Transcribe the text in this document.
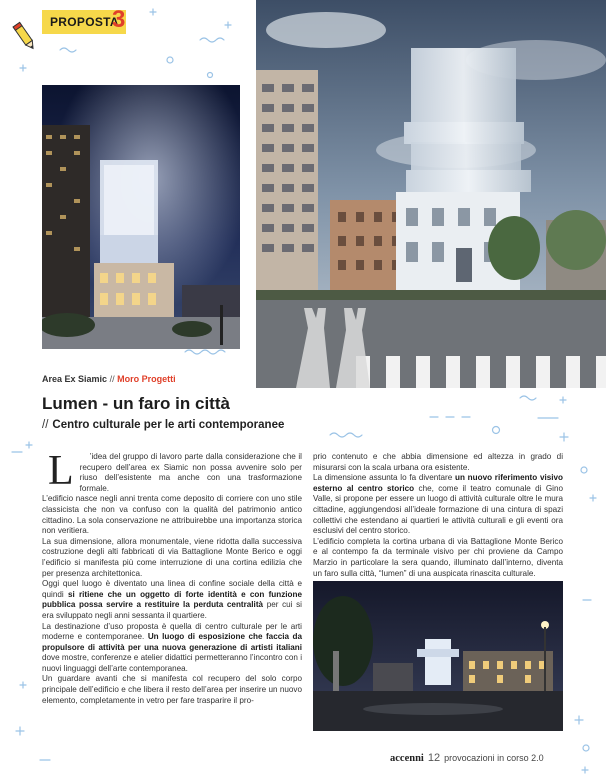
PROPOSTA
3
Area Ex Siamic // Moro Progetti
Lumen - un faro in città
// Centro culturale per le arti contemporanee

L ’idea del gruppo di lavoro parte dalla considerazione che il recupero dell’area ex Siamic non possa avvenire solo per riuso dell’esistente ma anche con una trasformazione formale.

L’edificio nasce negli anni trenta come deposito di corriere con uno stile classicista che non va confuso con la qualità del patrimonio antico cittadino. La sola conservazione ne attribuirebbe una importanza storica non veritiera.

La sua dimensione, allora monumentale, viene ridotta dalla successiva costruzione degli alti fabbricati di via Battaglione Monte Berico e oggi l’edificio si manifesta più come interruzione di una cortina edilizia che per presenza architettonica.

Oggi quel luogo è diventato una linea di confine sociale della città e quindi si ritiene che un oggetto di forte identità e con funzione pubblica possa servire a restituire la perduta centralità per cui si era sviluppato negli anni sessanta il quartiere.

La destinazione d’uso proposta è quella di centro culturale per le arti moderne e contemporanee. Un luogo di esposizione che faccia da propulsore di attività per una nuova generazione di artisti italiani dove mostre, conferenze e atelier didattici permetteranno l’incontro con i nuovi linguaggi dell’arte contemporanea.

Un guardare avanti che si manifesta col recupero del solo corpo principale dell’edificio e che libera il resto dell’area per inserire un nuovo elemento, completamente in vetro per fare trasparire il pro-

prio contenuto e che abbia dimensione ed altezza in grado di misurarsi con la scala urbana ora esistente.

La dimensione assunta lo fa diventare un nuovo riferimento visivo esterno al centro storico che, come il teatro comunale di Gino Valle, si propone per essere un luogo di attività culturale oltre le mura cittadine, aggiungendosi all’ideale formazione di una cintura di spazi collettivi che estendano ai quartieri le attività culturali e gli eventi ora esclusivi del centro storico.

L’edificio completa la cortina urbana di via Battaglione Monte Berico e al contempo fa da terminale visivo per chi proviene da Campo Marzio in particolare la sera quando, illuminato dall’interno, diventa un faro sulla città, “lumen” di una auspicata rinascita culturale.

accenni 12 provocazioni in corso 2.0
